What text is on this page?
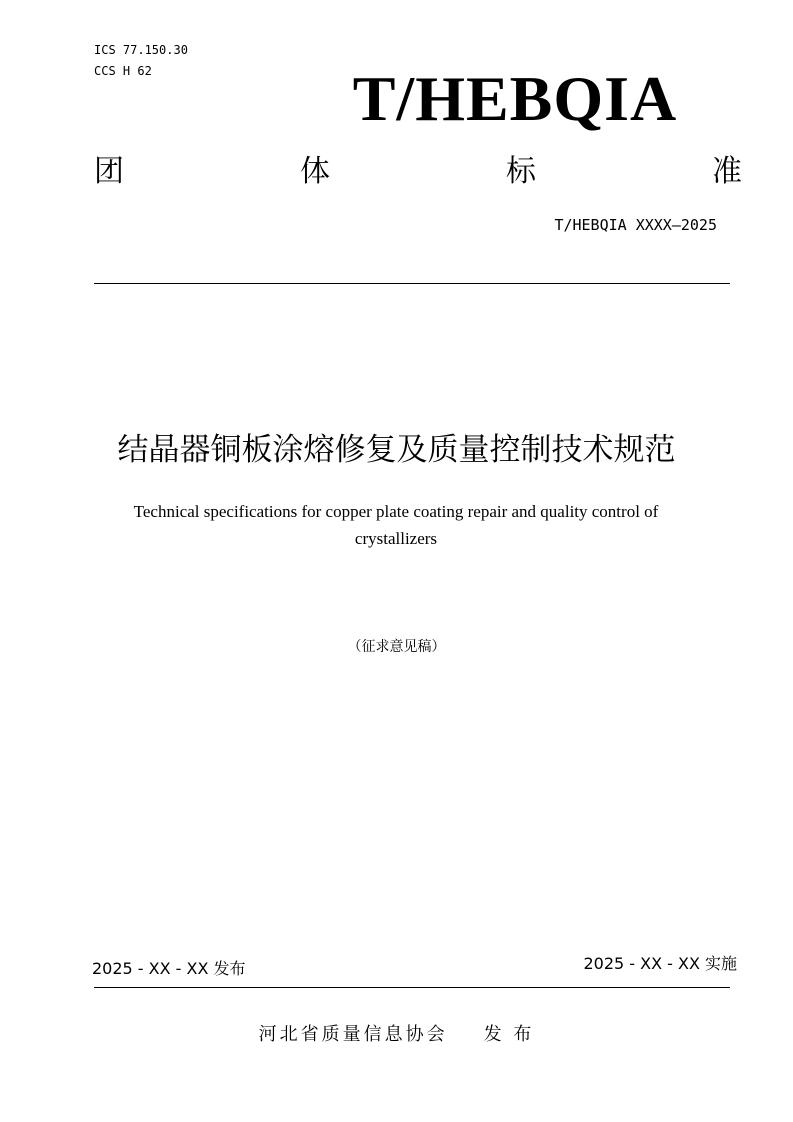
ICS 77.150.30
CCS H 62	T/HEBQIA
团	体	标	准
T/HEBQIA XXXX—2025
结晶器铜板涂熔修复及质量控制技术规范
Technical specifications for copper plate coating repair and quality control of
crystallizers
（征求意见稿）
2025 - XX - XX 发布	2025 - XX - XX 实施
河北省质量信息协会 发 布
